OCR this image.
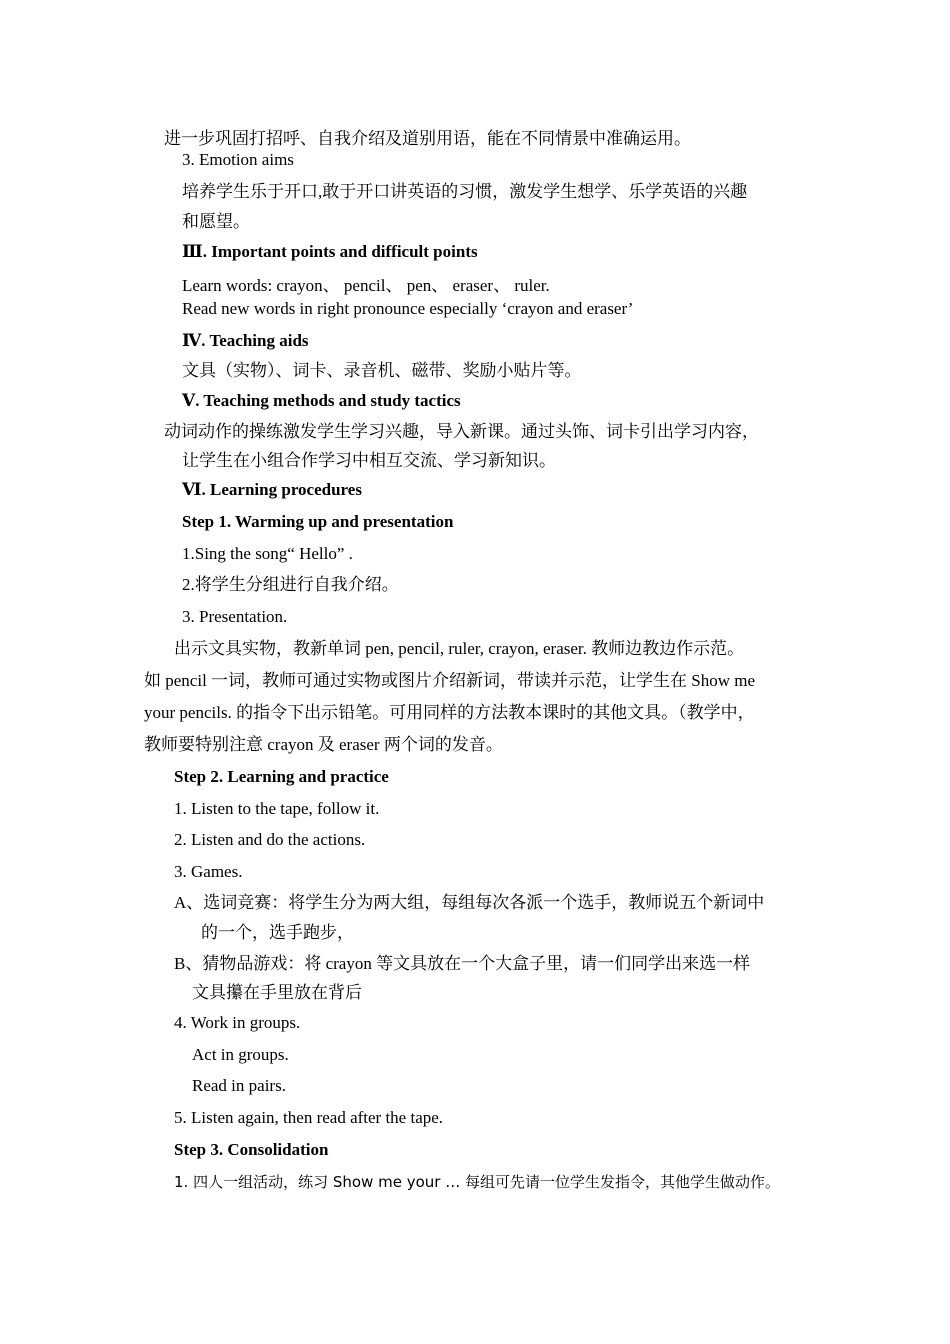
进一步巩固打招呼、自我介绍及道别用语，能在不同情景中准确运用。
3. Emotion aims
培养学生乐于开口,敢于开口讲英语的习惯，激发学生想学、乐学英语的兴趣
和愿望。
Ⅲ. Important points and difficult points
Learn words: crayon、 pencil、 pen、 eraser、 ruler.
Read new words in right pronounce especially ‘crayon and eraser’
Ⅳ. Teaching aids
文具（实物）、词卡、录音机、磁带、奖励小贴片等。
Ⅴ. Teaching methods and study tactics
动词动作的操练激发学生学习兴趣，导入新课。通过头饰、词卡引出学习内容，
让学生在小组合作学习中相互交流、学习新知识。
Ⅵ. Learning procedures
Step 1. Warming up and presentation
1.Sing the song“ Hello” .
2.将学生分组进行自我介绍。
3. Presentation.
出示文具实物，教新单词 pen, pencil, ruler, crayon, eraser. 教师边教边作示范。
如 pencil 一词，教师可通过实物或图片介绍新词，带读并示范，让学生在 Show me
your pencils. 的指令下出示铅笔。可用同样的方法教本课时的其他文具。（教学中，
教师要特别注意 crayon 及 eraser 两个词的发音。
Step 2. Learning and practice
1. Listen to the tape, follow it.
2. Listen and do the actions.
3. Games.
A、选词竞赛：将学生分为两大组，每组每次各派一个选手，教师说五个新词中
的一个，选手跑步，
B、猜物品游戏：将 crayon 等文具放在一个大盒子里，请一们同学出来选一样
文具攥在手里放在背后
4. Work in groups.
Act in groups.
Read in pairs.
5. Listen again, then read after the tape.
Step 3. Consolidation
1. 四人一组活动，练习 Show me your … 每组可先请一位学生发指令，其他学生做动作。
